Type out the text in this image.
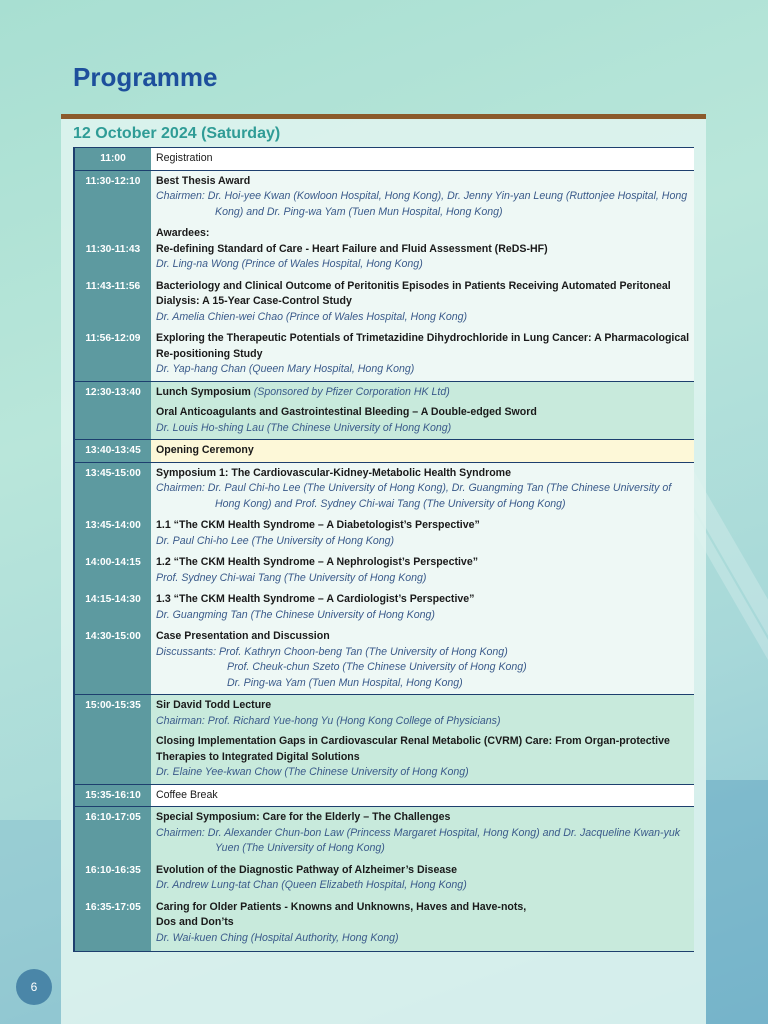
Programme
12 October 2024 (Saturday)
11:00	Registration

11:30-12:10	Best Thesis Award
Chairmen: Dr. Hoi-yee Kwan (Kowloon Hospital, Hong Kong), Dr. Jenny Yin-yan Leung (Ruttonjee Hospital, Hong Kong) and Dr. Ping-wa Yam (Tuen Mun Hospital, Hong Kong)

11:30-11:43	Awardees:
Re-defining Standard of Care - Heart Failure and Fluid Assessment (ReDS-HF)
Dr. Ling-na Wong (Prince of Wales Hospital, Hong Kong)

11:43-11:56	Bacteriology and Clinical Outcome of Peritonitis Episodes in Patients Receiving Automated Peritoneal Dialysis: A 15-Year Case-Control Study
Dr. Amelia Chien-wei Chao (Prince of Wales Hospital, Hong Kong)

11:56-12:09	Exploring the Therapeutic Potentials of Trimetazidine Dihydrochloride in Lung Cancer: A Pharmacological Re-positioning Study
Dr. Yap-hang Chan (Queen Mary Hospital, Hong Kong)

12:30-13:40	Lunch Symposium (Sponsored by Pfizer Corporation HK Ltd)
Oral Anticoagulants and Gastrointestinal Bleeding – A Double-edged Sword
Dr. Louis Ho-shing Lau (The Chinese University of Hong Kong)

13:40-13:45	Opening Ceremony

13:45-15:00	Symposium 1: The Cardiovascular-Kidney-Metabolic Health Syndrome
Chairmen: Dr. Paul Chi-ho Lee (The University of Hong Kong), Dr. Guangming Tan (The Chinese University of Hong Kong) and Prof. Sydney Chi-wai Tang (The University of Hong Kong)

13:45-14:00	1.1 “The CKM Health Syndrome – A Diabetologist’s Perspective”
Dr. Paul Chi-ho Lee (The University of Hong Kong)

14:00-14:15	1.2 “The CKM Health Syndrome – A Nephrologist’s Perspective”
Prof. Sydney Chi-wai Tang (The University of Hong Kong)

14:15-14:30	1.3 “The CKM Health Syndrome – A Cardiologist’s Perspective”
Dr. Guangming Tan (The Chinese University of Hong Kong)

14:30-15:00	Case Presentation and Discussion
Discussants: Prof. Kathryn Choon-beng Tan (The University of Hong Kong)
Prof. Cheuk-chun Szeto (The Chinese University of Hong Kong)
Dr. Ping-wa Yam (Tuen Mun Hospital, Hong Kong)

15:00-15:35	Sir David Todd Lecture
Chairman: Prof. Richard Yue-hong Yu (Hong Kong College of Physicians)
Closing Implementation Gaps in Cardiovascular Renal Metabolic (CVRM) Care: From Organ-protective Therapies to Integrated Digital Solutions
Dr. Elaine Yee-kwan Chow (The Chinese University of Hong Kong)

15:35-16:10	Coffee Break

16:10-17:05	Special Symposium: Care for the Elderly – The Challenges
Chairmen: Dr. Alexander Chun-bon Law (Princess Margaret Hospital, Hong Kong) and Dr. Jacqueline Kwan-yuk Yuen (The University of Hong Kong)

16:10-16:35	Evolution of the Diagnostic Pathway of Alzheimer’s Disease
Dr. Andrew Lung-tat Chan (Queen Elizabeth Hospital, Hong Kong)

16:35-17:05	Caring for Older Patients - Knowns and Unknowns, Haves and Have-nots,
Dos and Don’ts
Dr. Wai-kuen Ching (Hospital Authority, Hong Kong)
6
